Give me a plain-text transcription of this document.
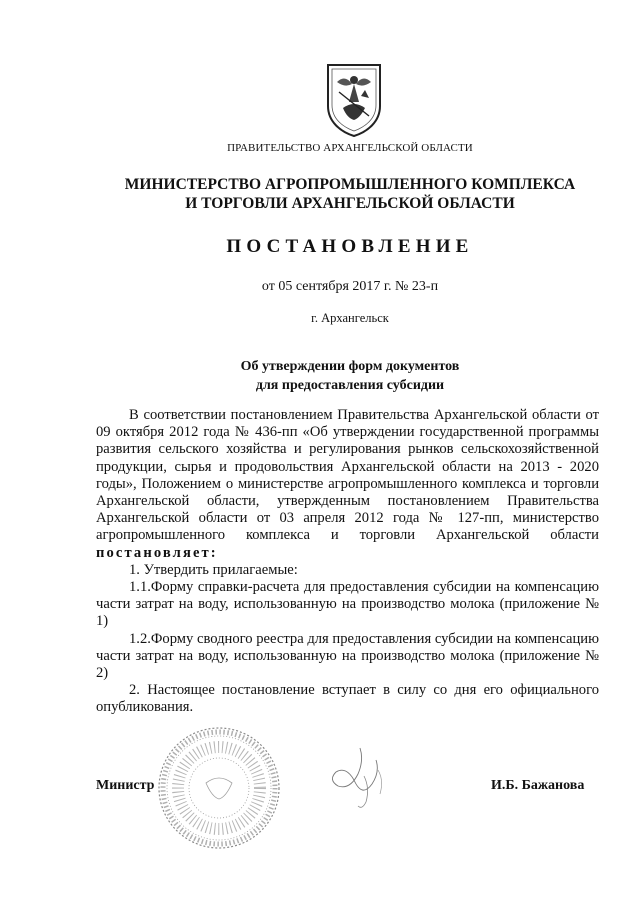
ПРАВИТЕЛЬСТВО АРХАНГЕЛЬСКОЙ ОБЛАСТИ
МИНИСТЕРСТВО АГРОПРОМЫШЛЕННОГО КОМПЛЕКСА
И ТОРГОВЛИ АРХАНГЕЛЬСКОЙ ОБЛАСТИ
ПОСТАНОВЛЕНИЕ
от 05 сентября 2017 г. № 23-п
г. Архангельск
Об утверждении форм документов
для предоставления субсидии

В соответствии постановлением Правительства Архангельской области от 09 октября 2012 года № 436-пп «Об утверждении государственной программы развития сельского хозяйства и регулирования рынков сельскохозяйственной продукции, сырья и продовольствия Архангельской области на 2013 - 2020 годы», Положением о министерстве агропромышленного комплекса и торговли Архангельской области, утвержденным постановлением Правительства Архангельской области от 03 апреля 2012 года № 127-пп, министерство агропромышленного комплекса и торговли Архангельской области постановляет:

1. Утвердить прилагаемые:

1.1.Форму справки-расчета для предоставления субсидии на компенсацию части затрат на воду, использованную на производство молока (приложение № 1)

1.2.Форму сводного реестра для предоставления субсидии на компенсацию части затрат на воду, использованную на производство молока (приложение № 2)

2. Настоящее постановление вступает в силу со дня его официального опубликования.

Министр	И.Б. Бажанова
